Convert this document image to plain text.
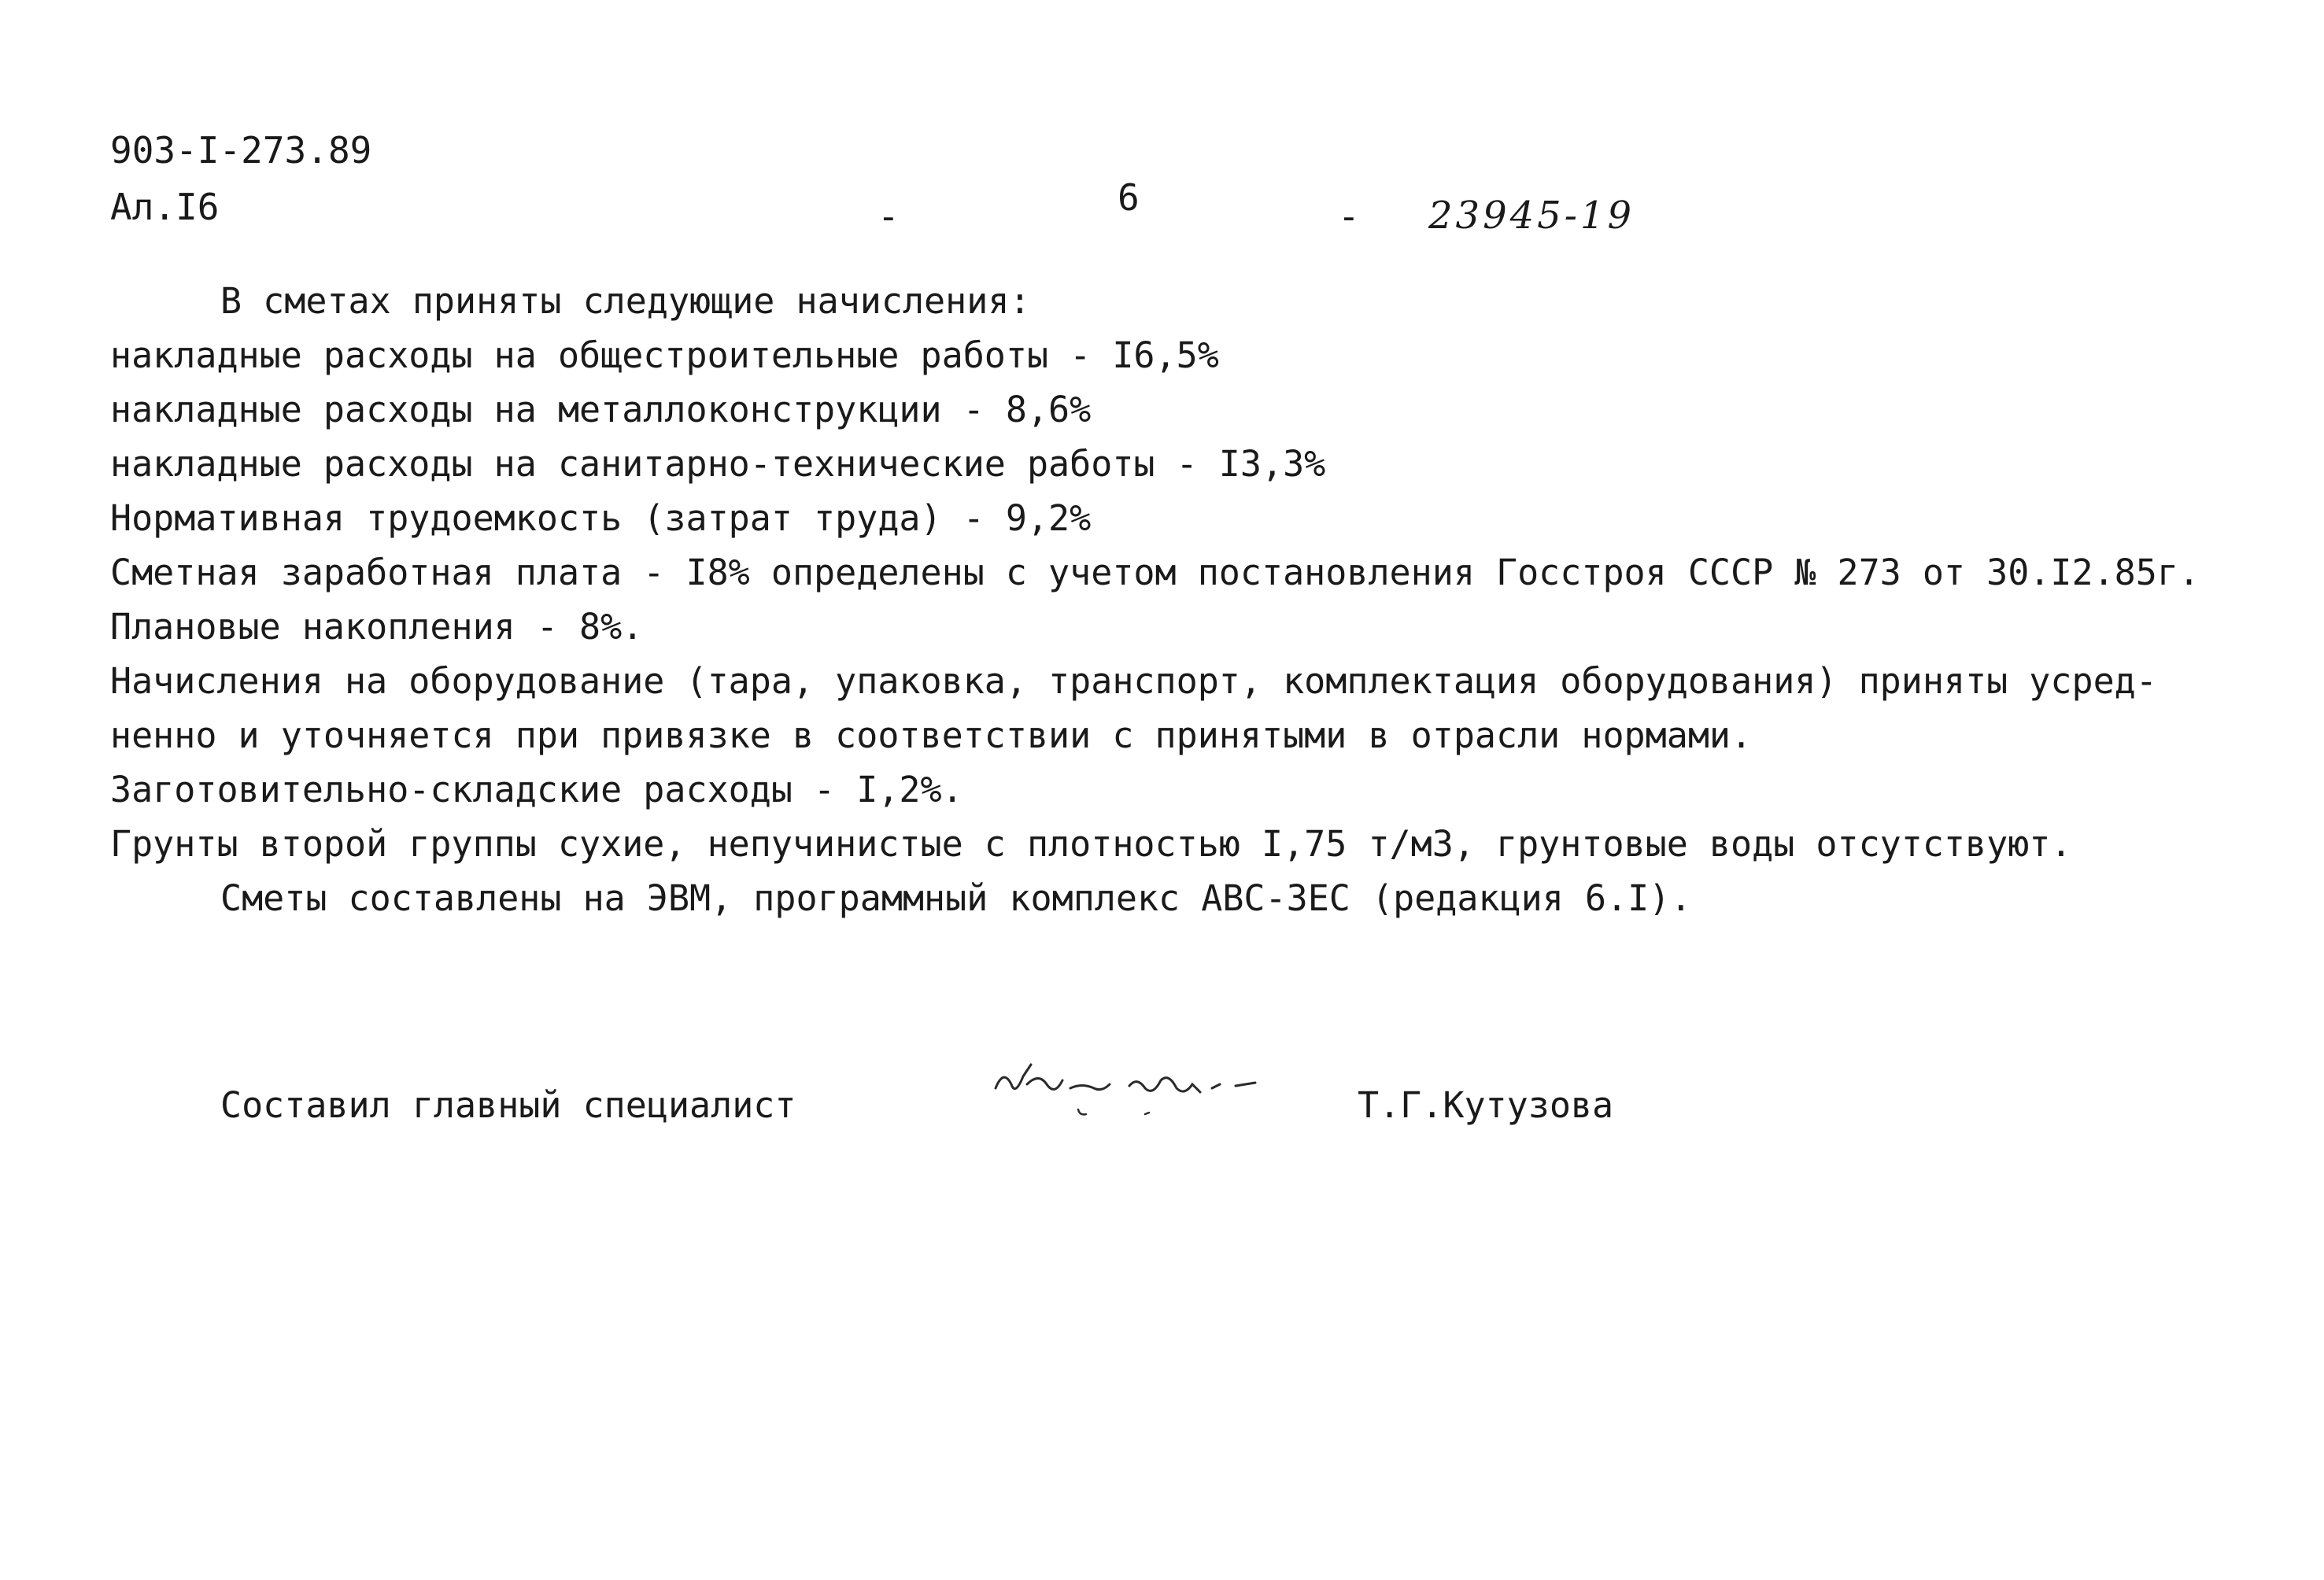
903-I-273.89
Ал.I6	-	6	- 23945-19
В сметах приняты следующие начисления:
накладные расходы на общестроительные работы - I6,5%
накладные расходы на металлоконструкции - 8,6%
накладные расходы на санитарно-технические работы - I3,3%
Нормативная трудоемкость (затрат труда) - 9,2%
Сметная заработная плата - I8% определены с учетом постановления Госстроя СССР № 273 от 30.I2.85г.
Плановые накопления - 8%.
Начисления на оборудование (тара, упаковка, транспорт, комплектация оборудования) приняты усред-
ненно и уточняется при привязке в соответствии с принятыми в отрасли нормами.
Заготовительно-складские расходы - I,2%.
Грунты второй группы сухие, непучинистые с плотностью I,75 т/м3, грунтовые воды отсутствуют.
Сметы составлены на ЭВМ, программный комплекс АВС-3ЕС (редакция 6.I).
Составил главный специалист	Т.Г.Кутузова
